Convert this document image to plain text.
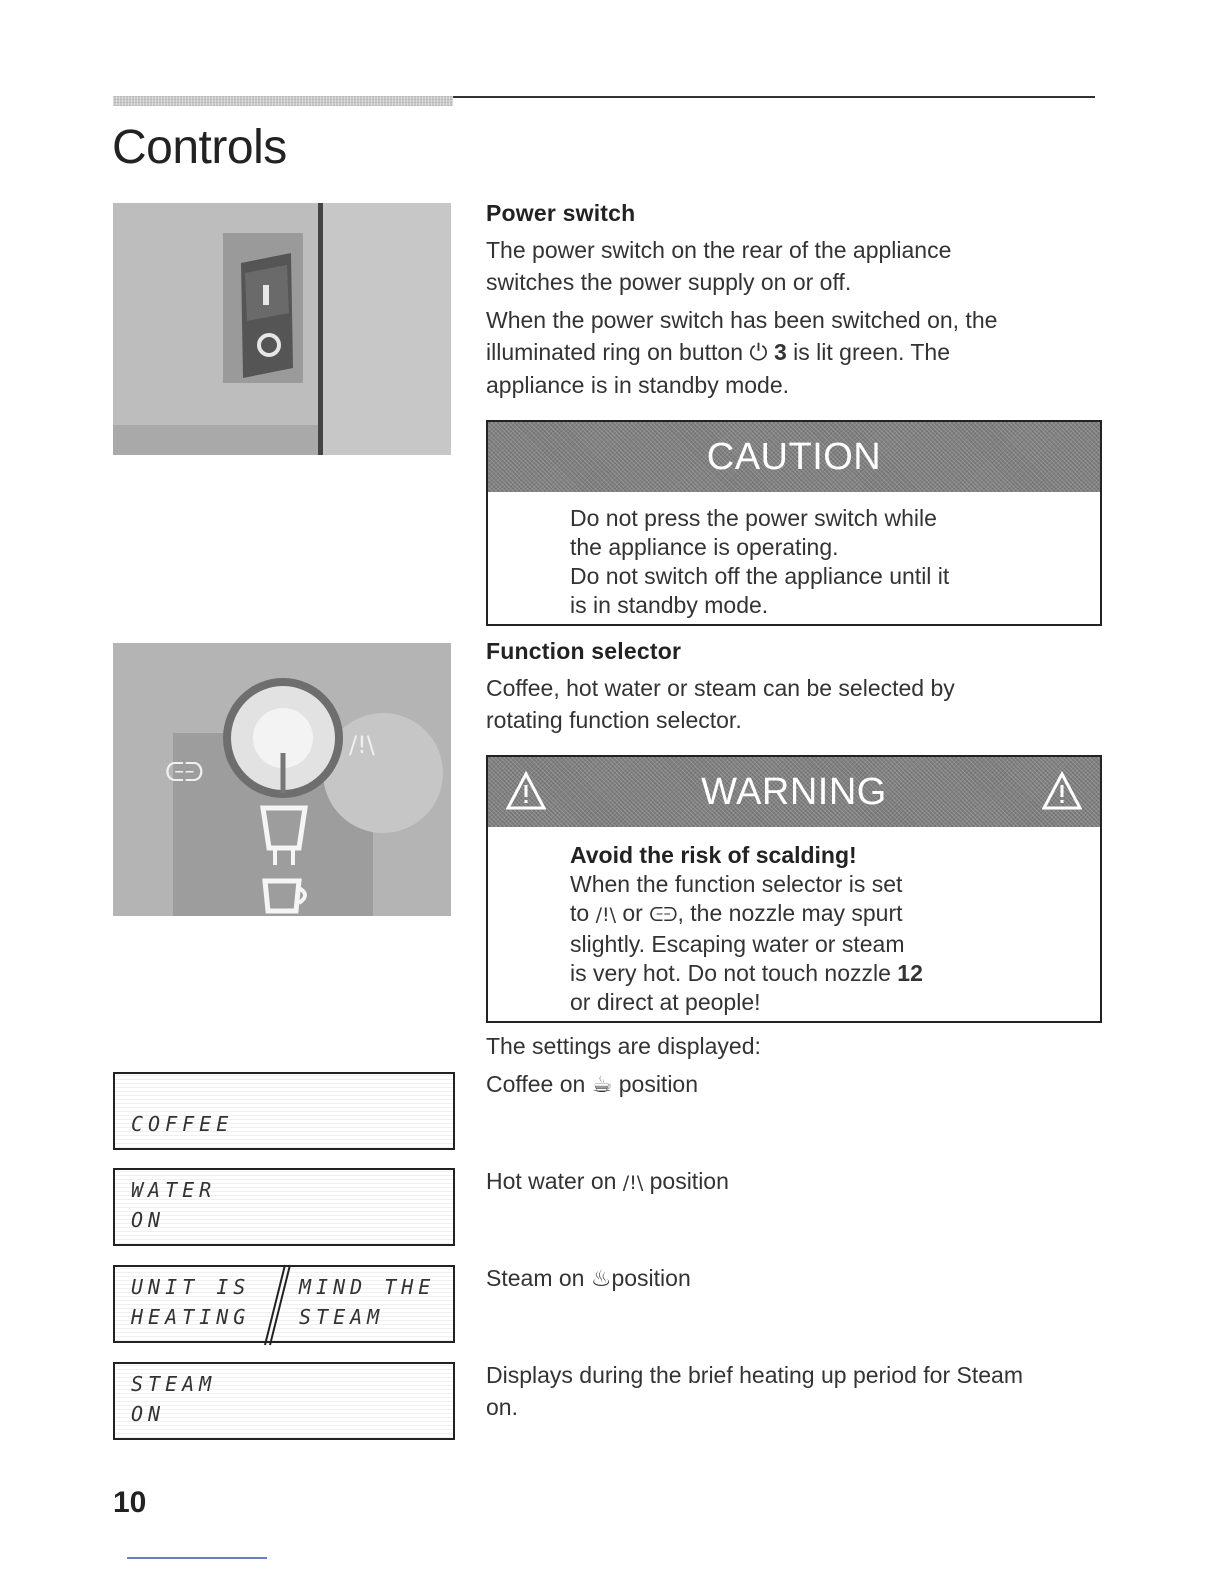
Controls

Power switch

The power switch on the rear of the appliance

switches the power supply on or off.

When the power switch has been switched on, the

illuminated ring on button ⏻ 3 is lit green. The

appliance is in standby mode.

CAUTION
Do not press the power switch while
the appliance is operating.
Do not switch off the appliance until it
is in standby mode.
ᕮᕭ
/!\

Function selector

Coffee, hot water or steam can be selected by

rotating function selector.

WARNING
Avoid the risk of scalding!
When the function selector is set
to /!\ or ᕮᕭ, the nozzle may spurt
slightly. Escaping water or steam
is very hot. Do not touch nozzle 12
or direct at people!

The settings are displayed:

COFFEE

Coffee on ☕ position

WATER
ON

Hot water on /!\ position

UNIT IS
HEATING
MIND THE
STEAM

Steam on ♨position

STEAM
ON

Displays during the brief heating up period for Steam

on.

10
